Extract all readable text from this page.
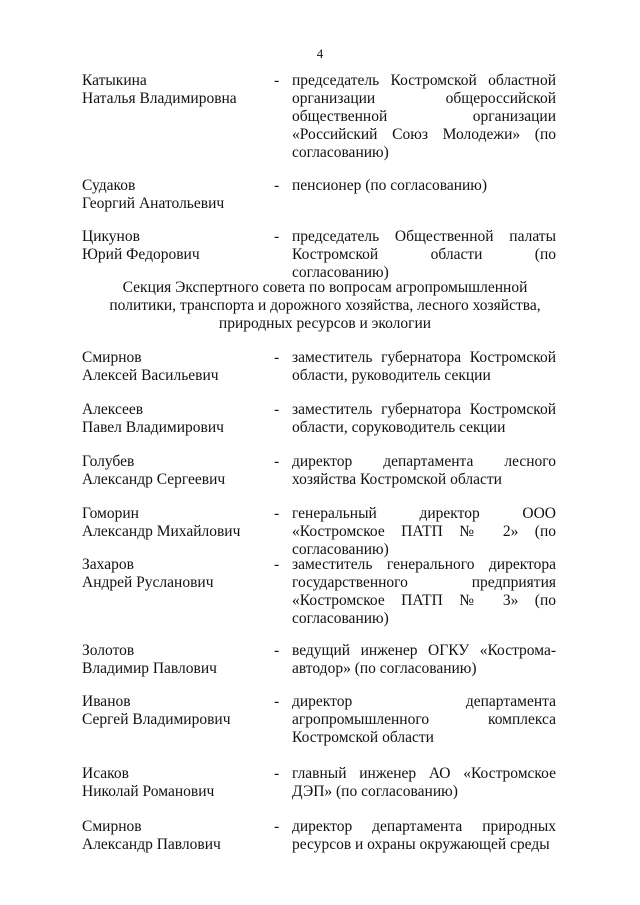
4
Катыкина
Наталья Владимировна
- председатель Костромской областной организации общероссийской общественной организации «Российский Союз Молодежи» (по согласованию)
Судаков
Георгий Анатольевич
- пенсионер (по согласованию)
Цикунов
Юрий Федорович
- председатель Общественной палаты Костромской области (по согласованию)
Секция Экспертного совета по вопросам агропромышленной политики, транспорта и дорожного хозяйства, лесного хозяйства, природных ресурсов и экологии
Смирнов
Алексей Васильевич
- заместитель губернатора Костромской области, руководитель секции
Алексеев
Павел Владимирович
- заместитель губернатора Костромской области, соруководитель секции
Голубев
Александр Сергеевич
- директор департамента лесного хозяйства Костромской области
Гоморин
Александр Михайлович
- генеральный директор ООО «Костромское ПАТП № 2» (по согласованию)
Захаров
Андрей Русланович
- заместитель генерального директора государственного предприятия «Костромское ПАТП № 3» (по согласованию)
Золотов
Владимир Павлович
- ведущий инженер ОГКУ «Кострома-автодор» (по согласованию)
Иванов
Сергей Владимирович
- директор департамента агропромышленного комплекса Костромской области
Исаков
Николай Романович
- главный инженер АО «Костромское ДЭП» (по согласованию)
Смирнов
Александр Павлович
- директор департамента природных ресурсов и охраны окружающей среды
